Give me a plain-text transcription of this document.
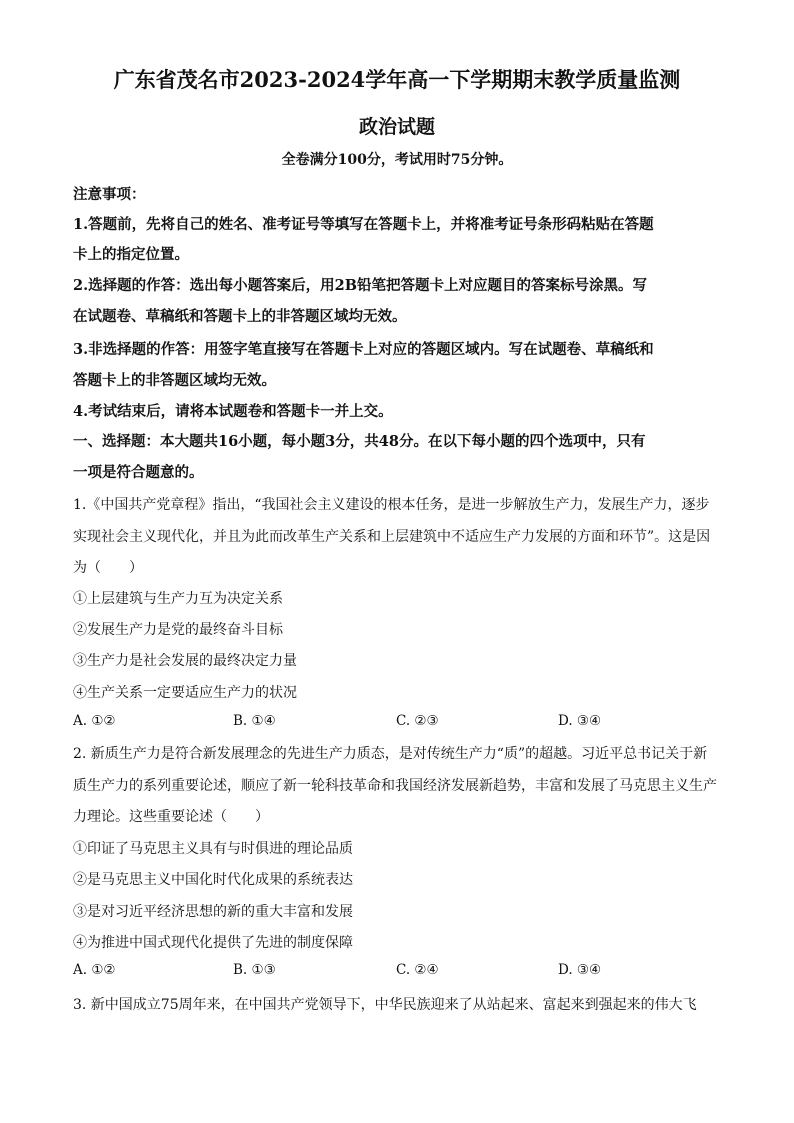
广东省茂名市2023-2024学年高一下学期期末教学质量监测
政治试题
全卷满分100分，考试用时75分钟。
注意事项：
1.答题前，先将自己的姓名、准考证号等填写在答题卡上，并将准考证号条形码粘贴在答题
卡上的指定位置。
2.选择题的作答：选出每小题答案后，用2B铅笔把答题卡上对应题目的答案标号涂黑。写
在试题卷、草稿纸和答题卡上的非答题区域均无效。
3.非选择题的作答：用签字笔直接写在答题卡上对应的答题区域内。写在试题卷、草稿纸和
答题卡上的非答题区域均无效。
4.考试结束后，请将本试题卷和答题卡一并上交。
一、选择题：本大题共16小题，每小题3分，共48分。在以下每小题的四个选项中，只有
一项是符合题意的。
1.《中国共产党章程》指出，“我国社会主义建设的根本任务，是进一步解放生产力，发展生产力，逐步
实现社会主义现代化，并且为此而改革生产关系和上层建筑中不适应生产力发展的方面和环节”。这是因
为（　　）
①上层建筑与生产力互为决定关系
②发展生产力是党的最终奋斗目标
③生产力是社会发展的最终决定力量
④生产关系一定要适应生产力的状况
A. ①②	B. ①④	C. ②③	D. ③④
2. 新质生产力是符合新发展理念的先进生产力质态，是对传统生产力“质”的超越。习近平总书记关于新
质生产力的系列重要论述，顺应了新一轮科技革命和我国经济发展新趋势，丰富和发展了马克思主义生产
力理论。这些重要论述（　　）
①印证了马克思主义具有与时俱进的理论品质
②是马克思主义中国化时代化成果的系统表达
③是对习近平经济思想的新的重大丰富和发展
④为推进中国式现代化提供了先进的制度保障
A. ①②	B. ①③	C. ②④	D. ③④
3. 新中国成立75周年来，在中国共产党领导下，中华民族迎来了从站起来、富起来到强起来的伟大飞
